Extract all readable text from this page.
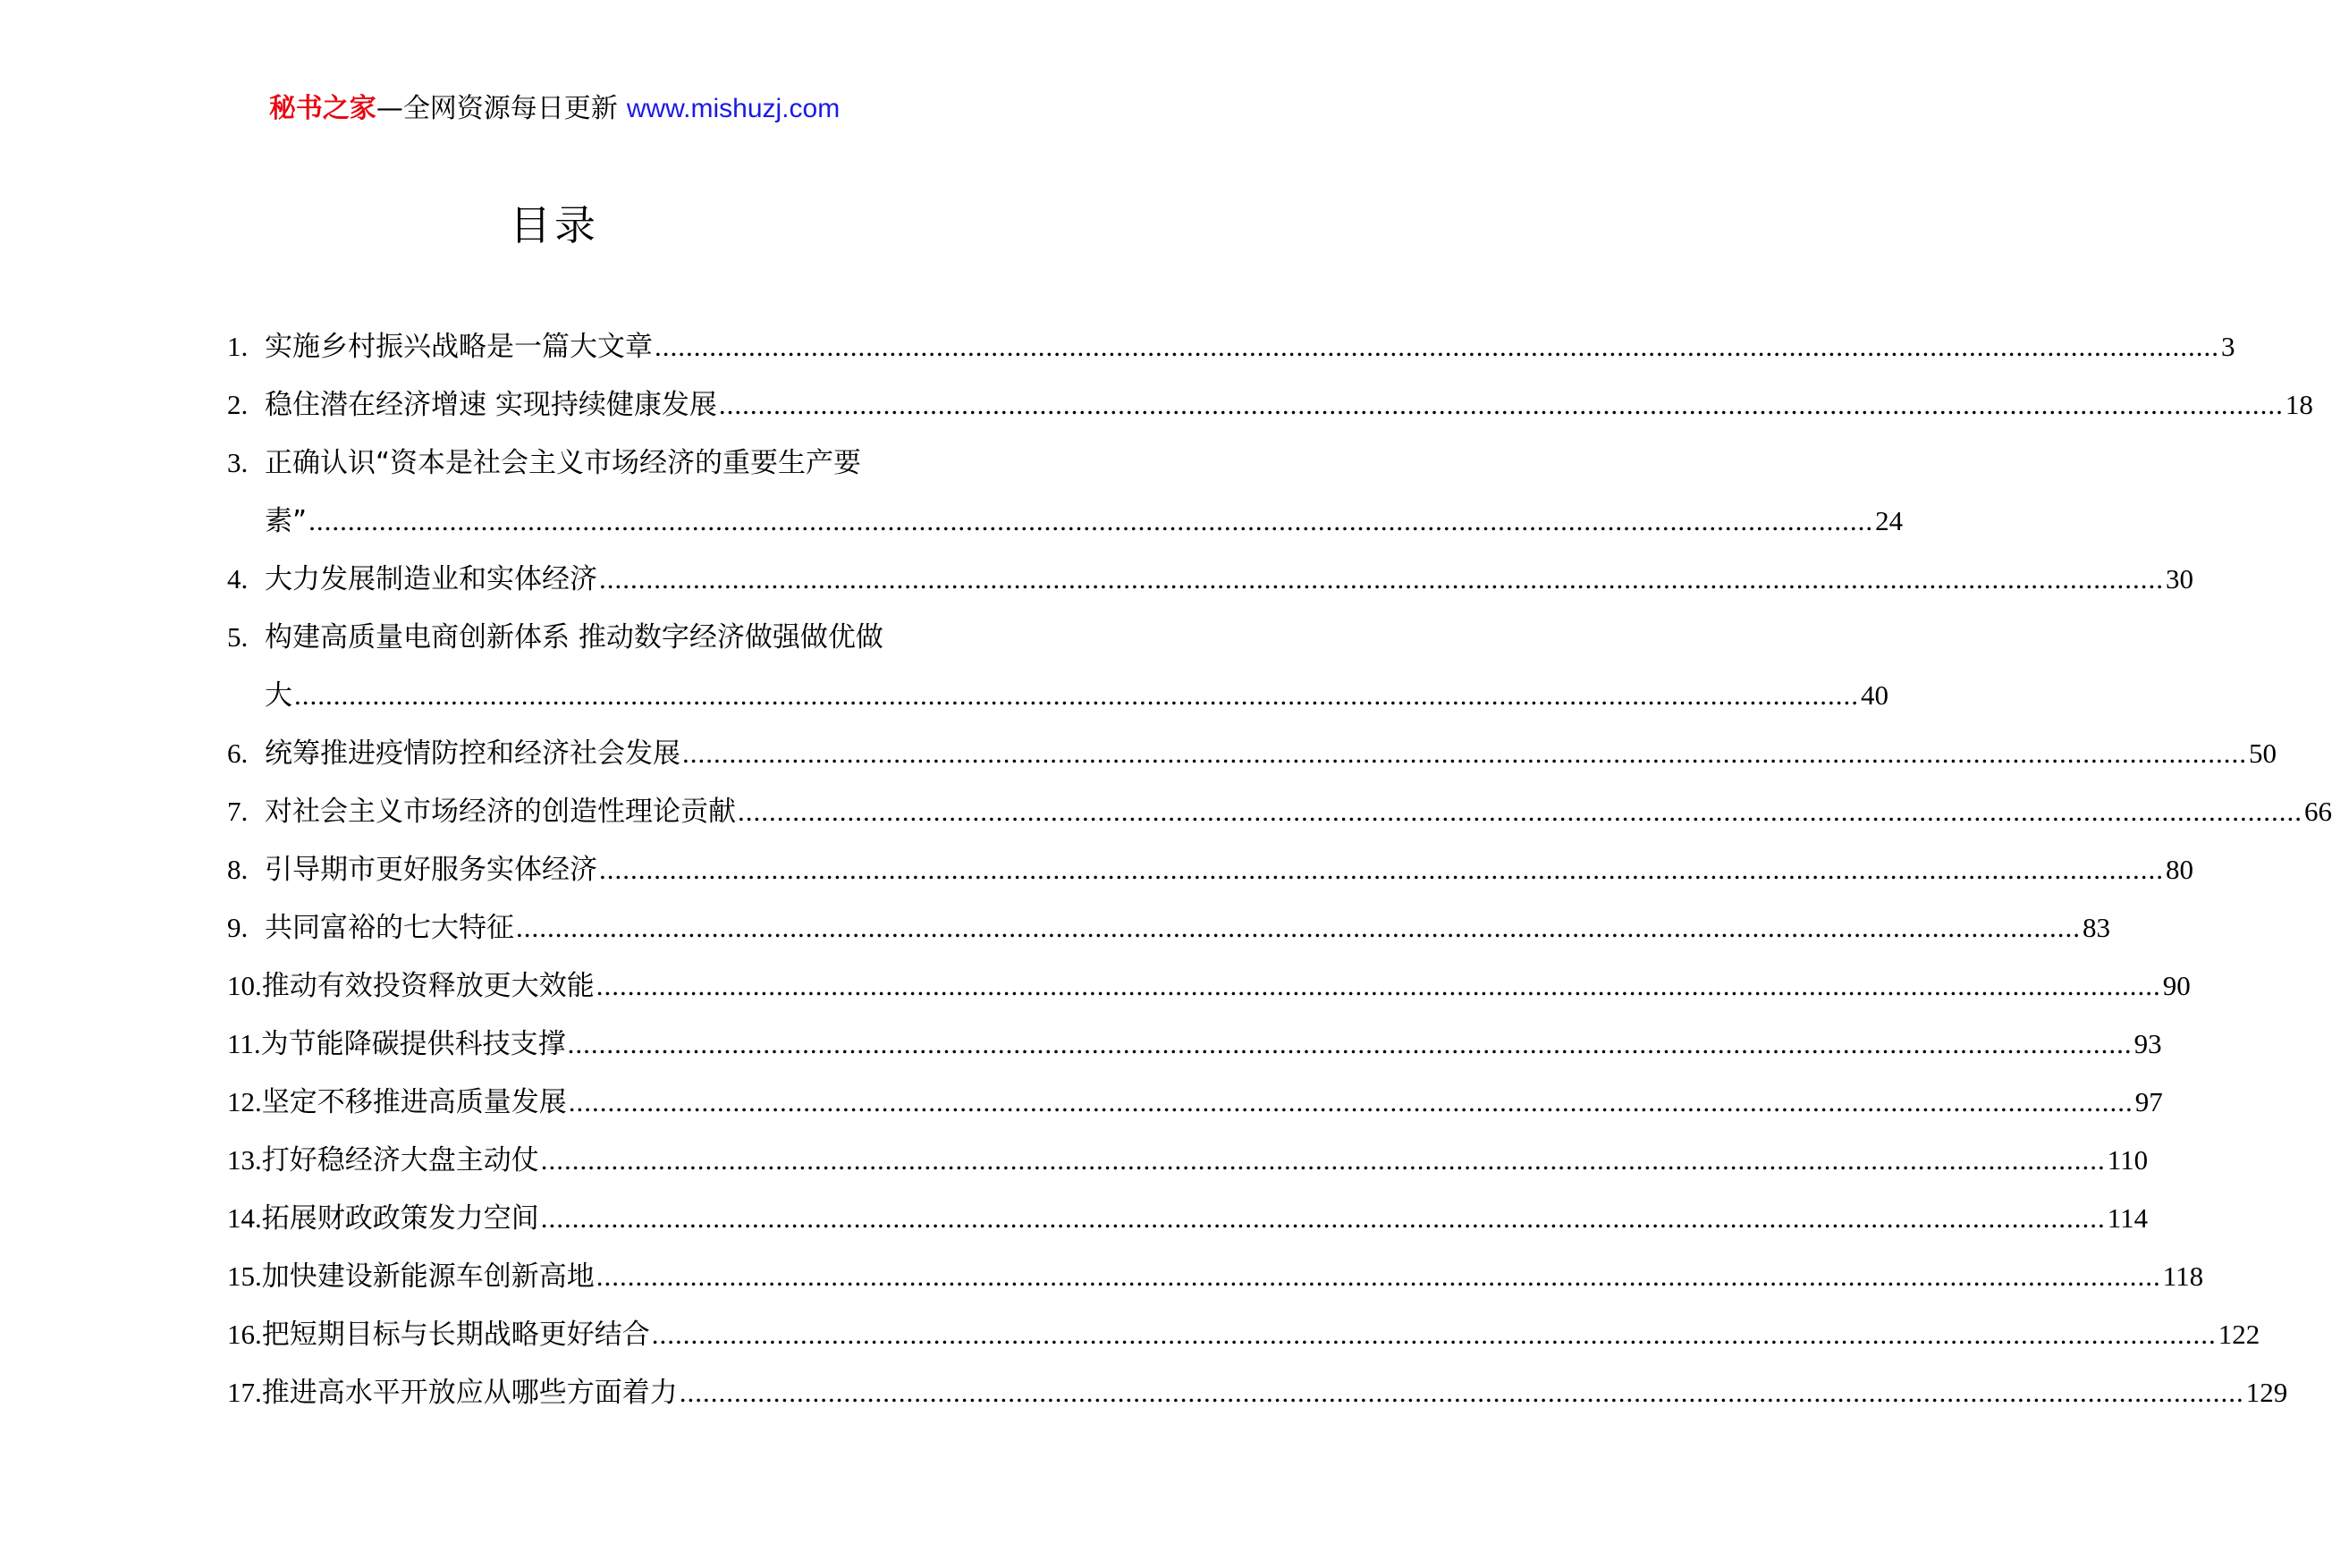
秘书之家—全网资源每日更新 www.mishuzj.com
目录
1. 实施乡村振兴战略是一篇大文章 ........................................................................................................................................................................................................ 3
2. 稳住潜在经济增速 实现持续健康发展 ........................................................................................................................................................................................................ 18
3. 正确认识“资本是社会主义市场经济的重要生产要
素” ........................................................................................................................................................................................................ 24
4. 大力发展制造业和实体经济 ........................................................................................................................................................................................................ 30
5. 构建高质量电商创新体系 推动数字经济做强做优做
大 ........................................................................................................................................................................................................ 40
6. 统筹推进疫情防控和经济社会发展 ........................................................................................................................................................................................................ 50
7. 对社会主义市场经济的创造性理论贡献 ........................................................................................................................................................................................................ 66
8. 引导期市更好服务实体经济 ........................................................................................................................................................................................................ 80
9. 共同富裕的七大特征 ........................................................................................................................................................................................................ 83
10. 推动有效投资释放更大效能 ........................................................................................................................................................................................................ 90
11. 为节能降碳提供科技支撑 ........................................................................................................................................................................................................ 93
12. 坚定不移推进高质量发展 ........................................................................................................................................................................................................ 97
13. 打好稳经济大盘主动仗 ........................................................................................................................................................................................................ 110
14. 拓展财政政策发力空间 ........................................................................................................................................................................................................ 114
15. 加快建设新能源车创新高地 ........................................................................................................................................................................................................ 118
16. 把短期目标与长期战略更好结合 ........................................................................................................................................................................................................ 122
17. 推进高水平开放应从哪些方面着力 ........................................................................................................................................................................................................ 129
